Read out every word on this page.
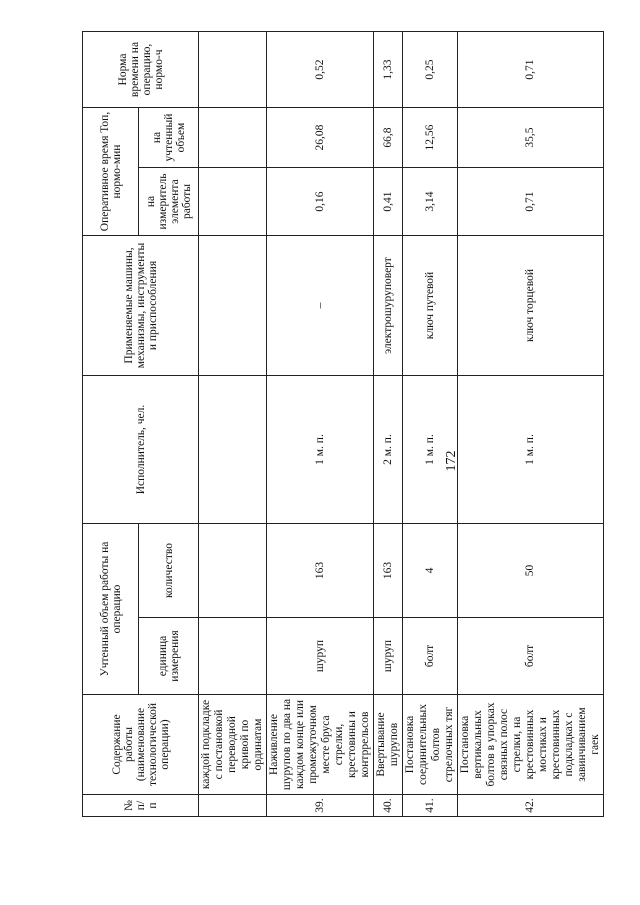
172
№ п/п	Содержание работы (наименование технологической операции)	Учтенный объем работы на операцию		Исполнитель, чел.	Применяемые машины, механизмы, инструменты и приспособления	Оперативное время Топ, нормо-мин		Норма времени на операцию, нормо-ч
		единица измерения	количество			на измеритель элемента работы	на учтенный объем	
	каждой подкладке с постановкой переводной кривой по ординатам							
39.	Наживление шурупов по два на каждом конце или промежуточном месте бруса стрелки, крестовины и контррельсов	шуруп	163	1 м. п.	–	0,16	26,08	0,52
40.	Ввертывание шурупов	шуруп	163	2 м. п.	электрошуруповерт	0,41	66,8	1,33
41.	Постановка соединительных болтов стрелочных тяг	болт	4	1 м. п.	ключ путевой	3,14	12,56	0,25
42.	Постановка вертикальных болтов в упорках связных полос стрелки, на крестовинных мостиках и крестовинных подкладках с завинчиванием гаек	болт	50	1 м. п.	ключ торцевой	0,71	35,5	0,71
